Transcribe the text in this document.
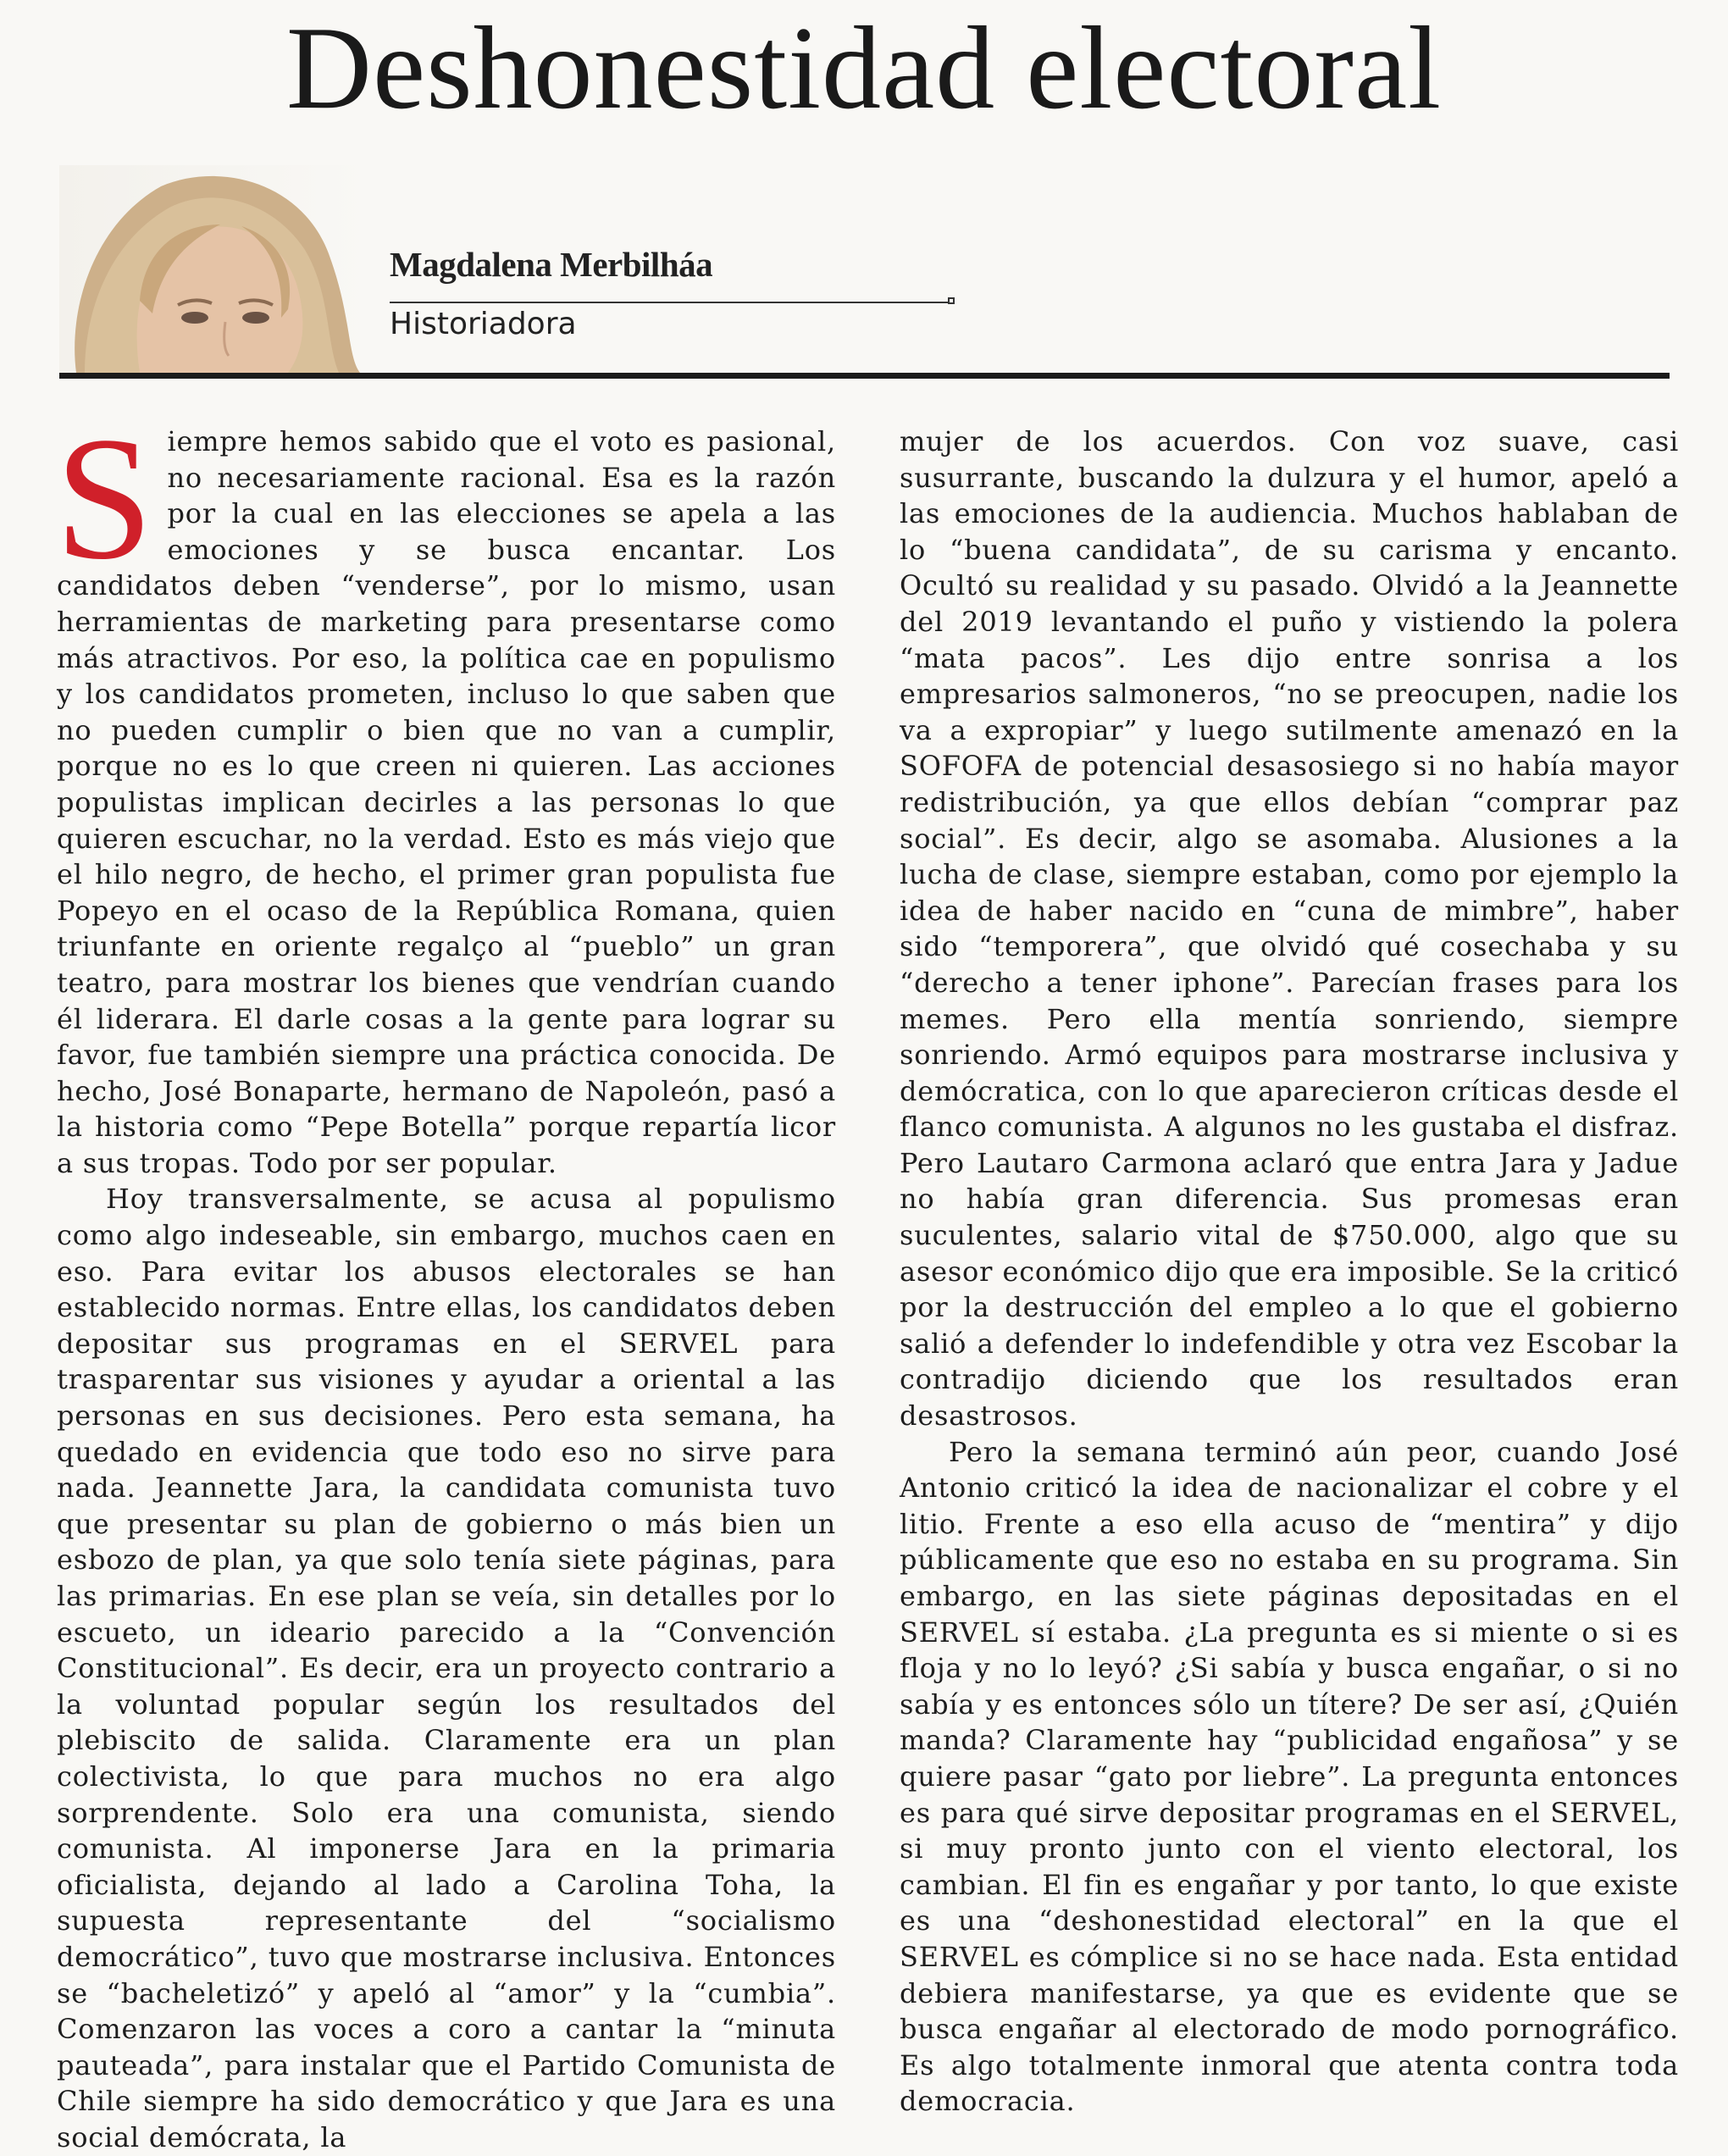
Deshonestidad electoral
Magdalena Merbilháa
Historiadora

Siempre hemos sabido que el voto es pasional, no necesariamente racional. Esa es la razón por la cual en las elecciones se apela a las emociones y se busca encantar. Los candidatos deben “venderse”, por lo mismo, usan herramientas de marketing para presentarse como más atractivos. Por eso, la política cae en populismo y los candidatos prometen, incluso lo que saben que no pueden cumplir o bien que no van a cumplir, porque no es lo que creen ni quieren. Las acciones populistas implican decirles a las personas lo que quieren escuchar, no la verdad. Esto es más viejo que el hilo negro, de hecho, el primer gran populista fue Popeyo en el ocaso de la República Romana, quien triunfante en oriente regalço al “pueblo” un gran teatro, para mostrar los bienes que vendrían cuando él liderara. El darle cosas a la gente para lograr su favor, fue también siempre una práctica conocida. De hecho, José Bonaparte, hermano de Napoleón, pasó a la historia como “Pepe Botella” porque repartía licor a sus tropas. Todo por ser popular.

Hoy transversalmente, se acusa al populismo como algo indeseable, sin embargo, muchos caen en eso. Para evitar los abusos electorales se han establecido normas. Entre ellas, los candidatos deben depositar sus programas en el SERVEL para trasparentar sus visiones y ayudar a oriental a las personas en sus decisiones. Pero esta semana, ha quedado en evidencia que todo eso no sirve para nada. Jeannette Jara, la candidata comunista tuvo que presentar su plan de gobierno o más bien un esbozo de plan, ya que solo tenía siete páginas, para las primarias. En ese plan se veía, sin detalles por lo escueto, un ideario parecido a la “Convención Constitucional”. Es decir, era un proyecto contrario a la voluntad popular según los resultados del plebiscito de salida. Claramente era un plan colectivista, lo que para muchos no era algo sorprendente. Solo era una comunista, siendo comunista. Al imponerse Jara en la primaria oficialista, dejando al lado a Carolina Toha, la supuesta representante del “socialismo democrático”, tuvo que mostrarse inclusiva. Entonces se “bacheletizó” y apeló al “amor” y la “cumbia”. Comenzaron las voces a coro a cantar la “minuta pauteada”, para instalar que el Partido Comunista de Chile siempre ha sido democrático y que Jara es una social demócrata, la

mujer de los acuerdos. Con voz suave, casi susurrante, buscando la dulzura y el humor, apeló a las emociones de la audiencia. Muchos hablaban de lo “buena candidata”, de su carisma y encanto. Ocultó su realidad y su pasado. Olvidó a la Jeannette del 2019 levantando el puño y vistiendo la polera “mata pacos”. Les dijo entre sonrisa a los empresarios salmoneros, “no se preocupen, nadie los va a expropiar” y luego sutilmente amenazó en la SOFOFA de potencial desasosiego si no había mayor redistribución, ya que ellos debían “comprar paz social”. Es decir, algo se asomaba. Alusiones a la lucha de clase, siempre estaban, como por ejemplo la idea de haber nacido en “cuna de mimbre”, haber sido “temporera”, que olvidó qué cosechaba y su “derecho a tener iphone”. Parecían frases para los memes. Pero ella mentía sonriendo, siempre sonriendo. Armó equipos para mostrarse inclusiva y demócratica, con lo que aparecieron críticas desde el flanco comunista. A algunos no les gustaba el disfraz. Pero Lautaro Carmona aclaró que entra Jara y Jadue no había gran diferencia. Sus promesas eran suculentes, salario vital de $750.000, algo que su asesor económico dijo que era imposible. Se la criticó por la destrucción del empleo a lo que el gobierno salió a defender lo indefendible y otra vez Escobar la contradijo diciendo que los resultados eran desastrosos.

Pero la semana terminó aún peor, cuando José Antonio criticó la idea de nacionalizar el cobre y el litio. Frente a eso ella acuso de “mentira” y dijo públicamente que eso no estaba en su programa. Sin embargo, en las siete páginas depositadas en el SERVEL sí estaba. ¿La pregunta es si miente o si es floja y no lo leyó? ¿Si sabía y busca engañar, o si no sabía y es entonces sólo un títere? De ser así, ¿Quién manda? Claramente hay “publicidad engañosa” y se quiere pasar “gato por liebre”. La pregunta entonces es para qué sirve depositar programas en el SERVEL, si muy pronto junto con el viento electoral, los cambian. El fin es engañar y por tanto, lo que existe es una “deshonestidad electoral” en la que el SERVEL es cómplice si no se hace nada. Esta entidad debiera manifestarse, ya que es evidente que se busca engañar al electorado de modo pornográfico. Es algo totalmente inmoral que atenta contra toda democracia.
